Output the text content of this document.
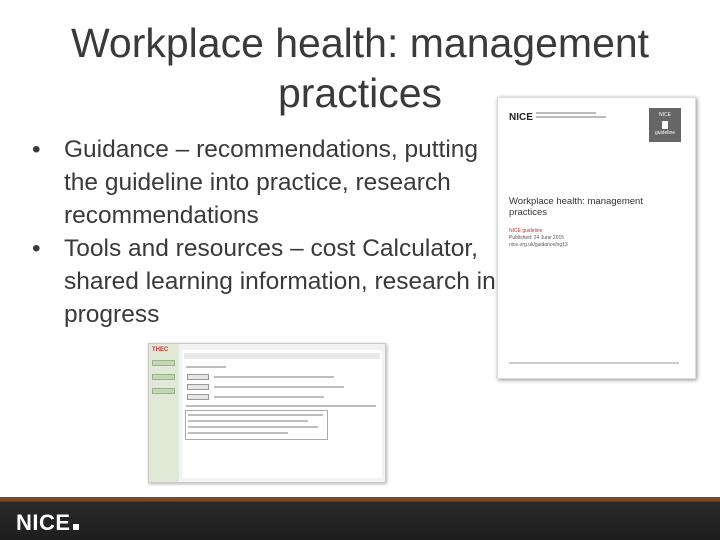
Workplace health: management
practices
• Guidance – recommendations, putting the guideline into practice, research recommendations
• Tools and resources – cost Calculator, shared learning information, research in progress
NICE	NICE
guideline
Workplace health: management
practices
NICE guideline
Published: 24 June 2015
nice.org.uk/guidance/ng13
THEC
NICE
